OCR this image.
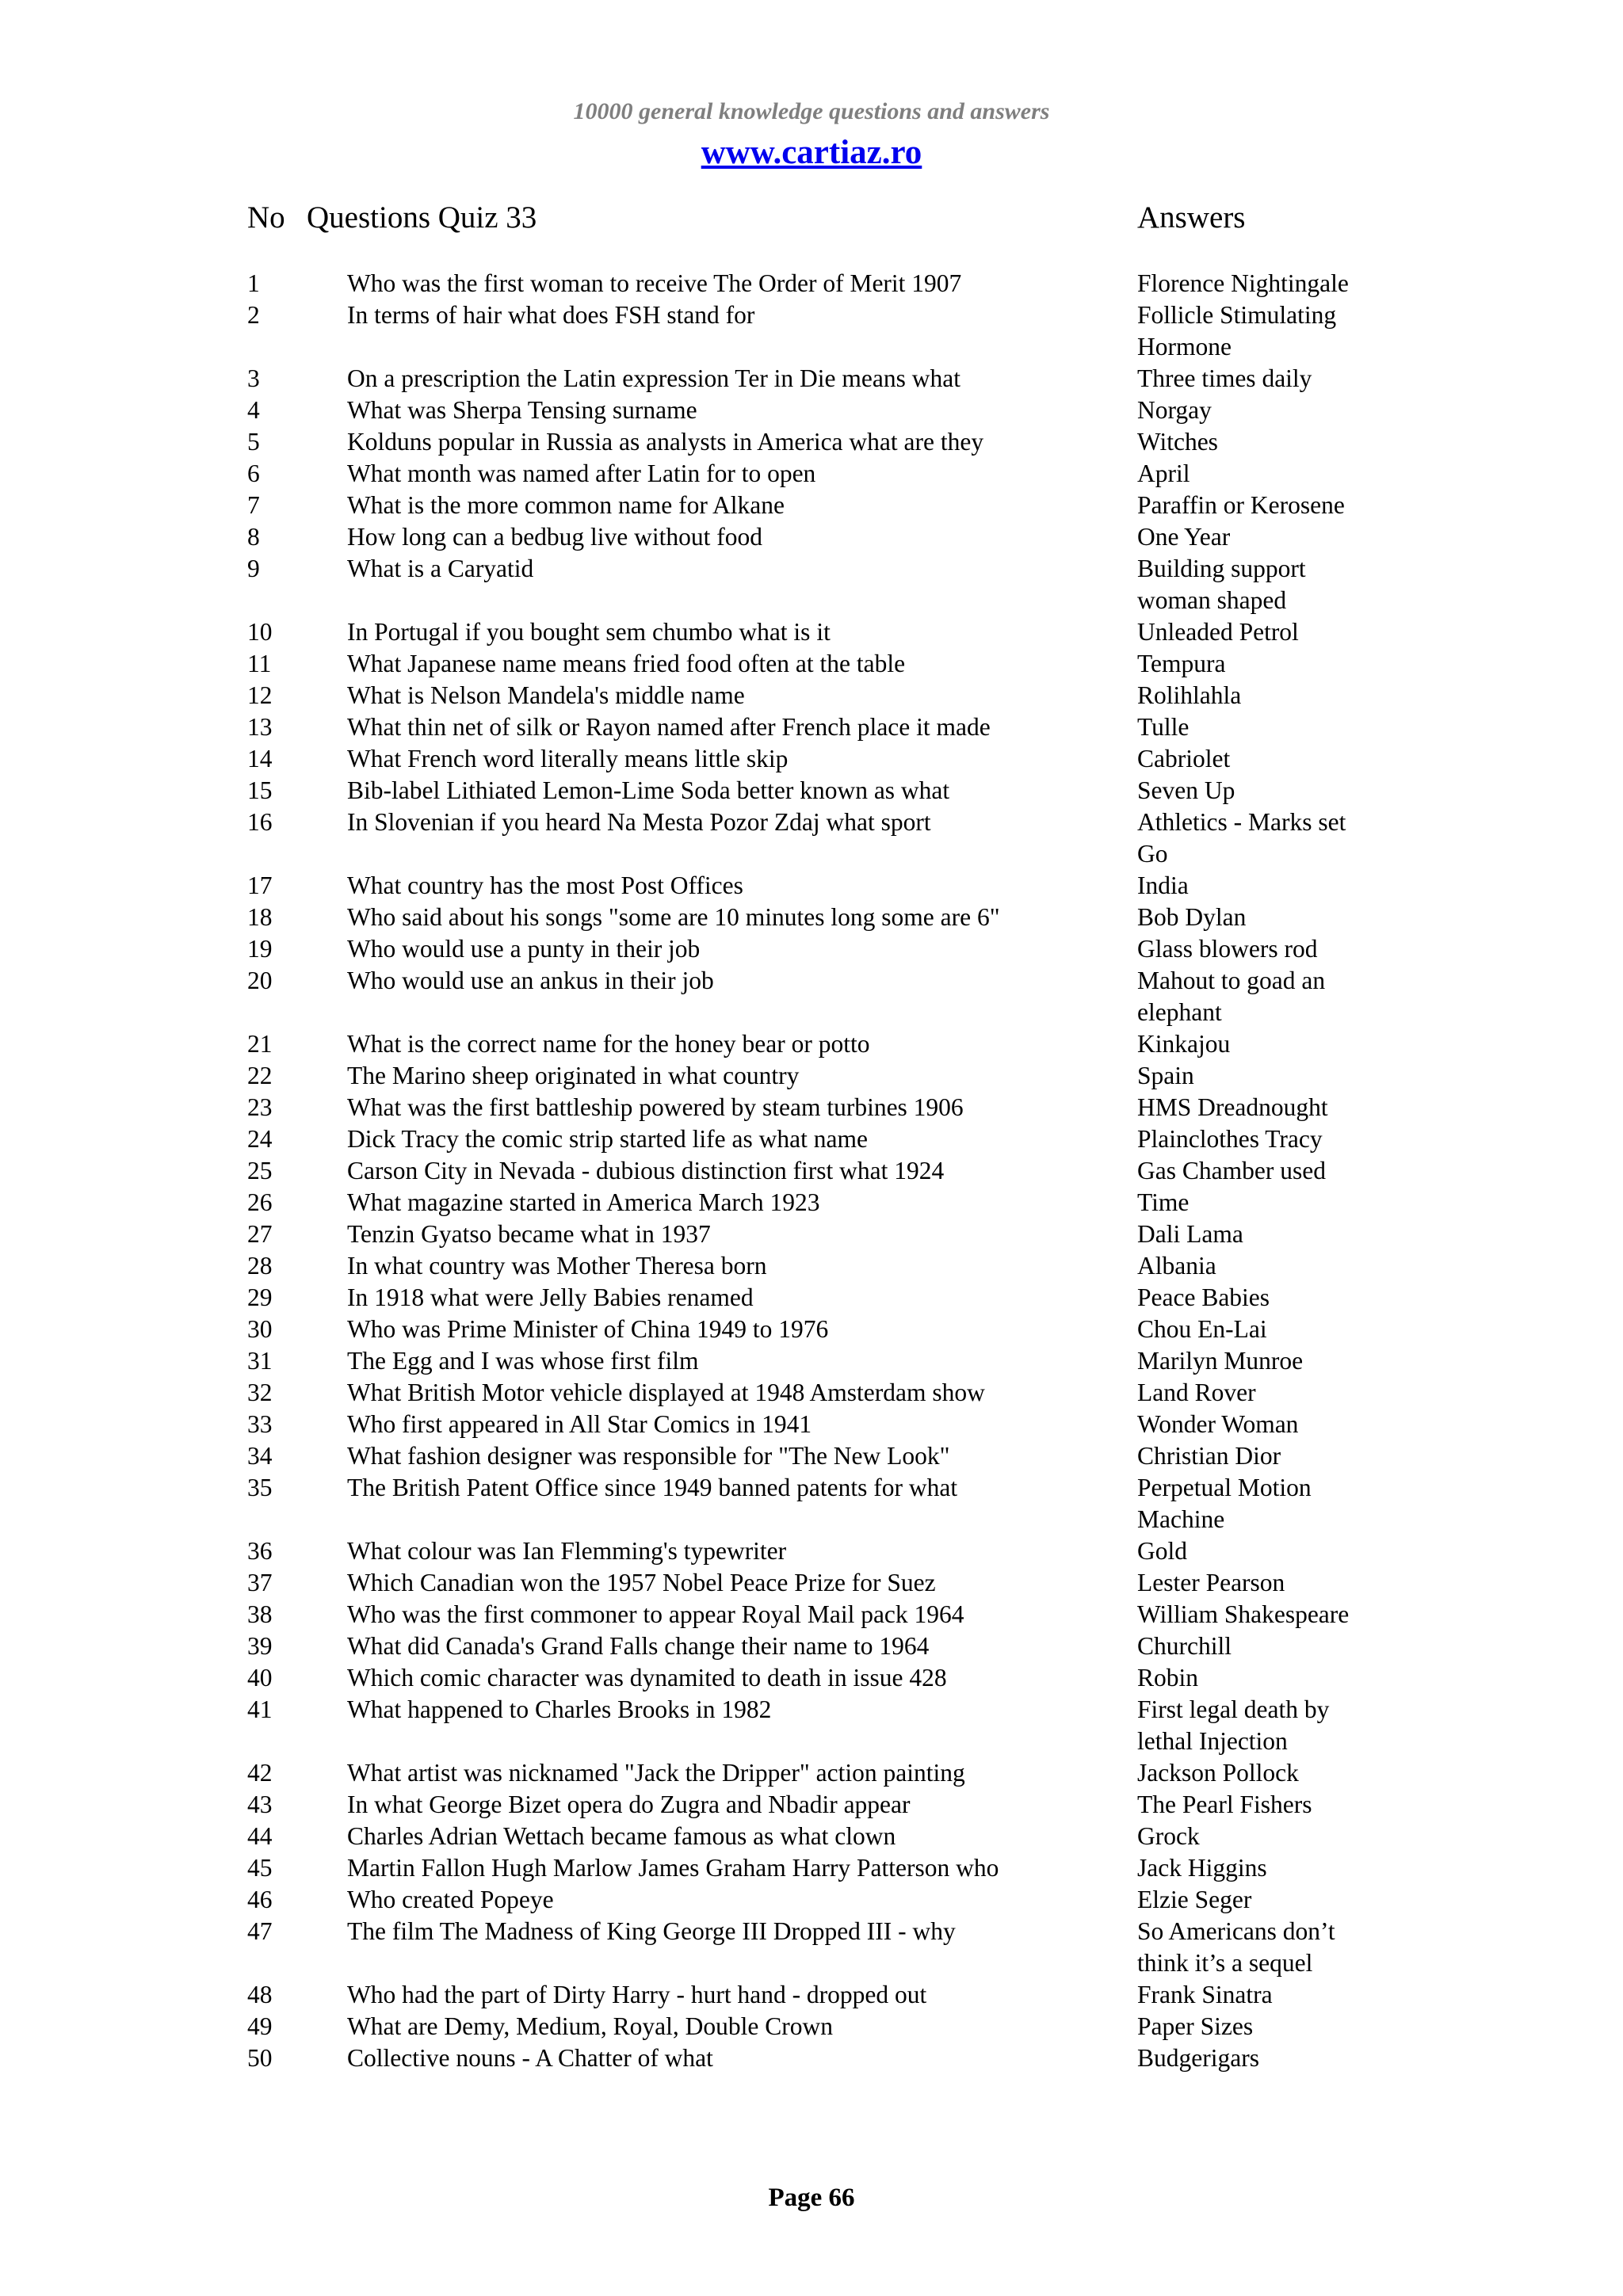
10000 general knowledge questions and answers
www.cartiaz.ro
No Questions Quiz 33	Answers
1	Who was the first woman to receive The Order of Merit 1907	Florence Nightingale
2	In terms of hair what does FSH stand for	Follicle Stimulating Hormone
3	On a prescription the Latin expression Ter in Die means what	Three times daily
4	What was Sherpa Tensing surname	Norgay
5	Kolduns popular in Russia as analysts in America what are they	Witches
6	What month was named after Latin for to open	April
7	What is the more common name for Alkane	Paraffin or Kerosene
8	How long can a bedbug live without food	One Year
9	What is a Caryatid	Building support woman shaped
10	In Portugal if you bought sem chumbo what is it	Unleaded Petrol
11	What Japanese name means fried food often at the table	Tempura
12	What is Nelson Mandela's middle name	Rolihlahla
13	What thin net of silk or Rayon named after French place it made	Tulle
14	What French word literally means little skip	Cabriolet
15	Bib-label Lithiated Lemon-Lime Soda better known as what	Seven Up
16	In Slovenian if you heard Na Mesta Pozor Zdaj what sport	Athletics - Marks set Go
17	What country has the most Post Offices	India
18	Who said about his songs "some are 10 minutes long some are 6"	Bob Dylan
19	Who would use a punty in their job	Glass blowers rod
20	Who would use an ankus in their job	Mahout to goad an elephant
21	What is the correct name for the honey bear or potto	Kinkajou
22	The Marino sheep originated in what country	Spain
23	What was the first battleship powered by steam turbines 1906	HMS Dreadnought
24	Dick Tracy the comic strip started life as what name	Plainclothes Tracy
25	Carson City in Nevada - dubious distinction first what 1924	Gas Chamber used
26	What magazine started in America March 1923	Time
27	Tenzin Gyatso became what in 1937	Dali Lama
28	In what country was Mother Theresa born	Albania
29	In 1918 what were Jelly Babies renamed	Peace Babies
30	Who was Prime Minister of China 1949 to 1976	Chou En-Lai
31	The Egg and I was whose first film	Marilyn Munroe
32	What British Motor vehicle displayed at 1948 Amsterdam show	Land Rover
33	Who first appeared in All Star Comics in 1941	Wonder Woman
34	What fashion designer was responsible for "The New Look"	Christian Dior
35	The British Patent Office since 1949 banned patents for what	Perpetual Motion Machine
36	What colour was Ian Flemming's typewriter	Gold
37	Which Canadian won the 1957 Nobel Peace Prize for Suez	Lester Pearson
38	Who was the first commoner to appear Royal Mail pack 1964	William Shakespeare
39	What did Canada's Grand Falls change their name to 1964	Churchill
40	Which comic character was dynamited to death in issue 428	Robin
41	What happened to Charles Brooks in 1982	First legal death by lethal Injection
42	What artist was nicknamed "Jack the Dripper" action painting	Jackson Pollock
43	In what George Bizet opera do Zugra and Nbadir appear	The Pearl Fishers
44	Charles Adrian Wettach became famous as what clown	Grock
45	Martin Fallon Hugh Marlow James Graham Harry Patterson who	Jack Higgins
46	Who created Popeye	Elzie Seger
47	The film The Madness of King George III Dropped III - why	So Americans don’t think it’s a sequel
48	Who had the part of Dirty Harry - hurt hand - dropped out	Frank Sinatra
49	What are Demy, Medium, Royal, Double Crown	Paper Sizes
50	Collective nouns - A Chatter of what	Budgerigars
Page 66
